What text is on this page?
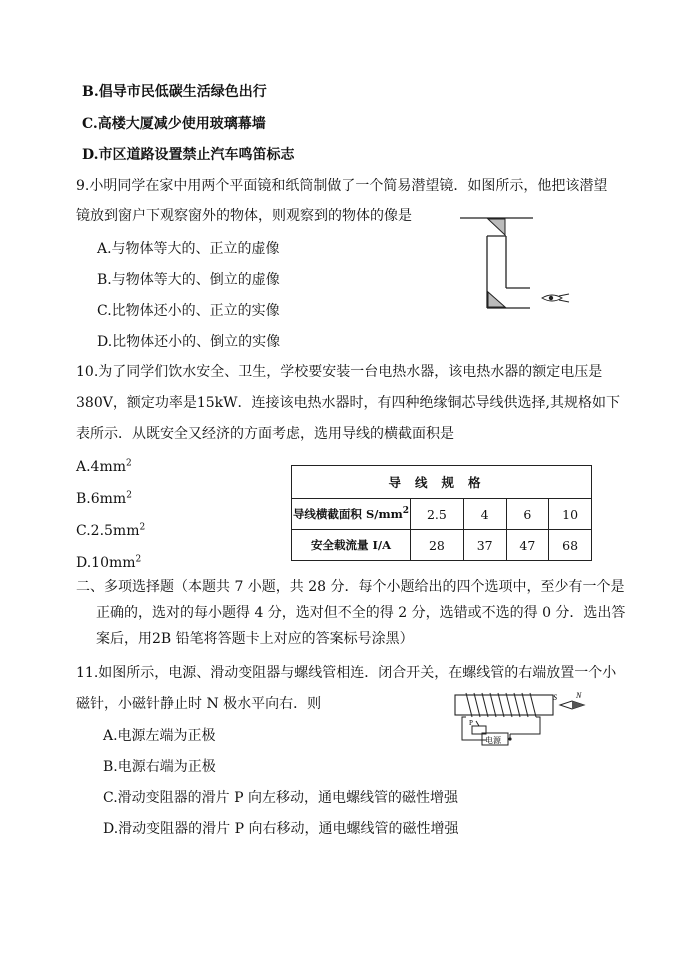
B.倡导市民低碳生活绿色出行
C.高楼大厦减少使用玻璃幕墙
D.市区道路设置禁止汽车鸣笛标志
9.小明同学在家中用两个平面镜和纸筒制做了一个简易潜望镜．如图所示，他把该潜望
镜放到窗户下观察窗外的物体，则观察到的物体的像是
A.与物体等大的、正立的虚像
B.与物体等大的、倒立的虚像
C.比物体还小的、正立的实像
D.比物体还小的、倒立的实像
10.为了同学们饮水安全、卫生，学校要安装一台电热水器，该电热水器的额定电压是
380V，额定功率是15kW．连接该电热水器时，有四种绝缘铜芯导线供选择,其规格如下
表所示．从既安全又经济的方面考虑，选用导线的横截面积是
$A.4mm^2$
$B.6mm^2$
$C.2.5mm^2$
$D.10mm^2$
导线规格				
导线横截面积 $S/mm^2$	2.5	4	6	10
安全载流量 I/A	28	37	47	68
二、多项选择题（本题共 7 小题，共 28 分．每个小题给出的四个选项中，至少有一个是
正确的，选对的每小题得 4 分，选对但不全的得 2 分，选错或不选的得 0 分．选出答
案后，用2B 铅笔将答题卡上对应的答案标号涂黑）
11.如图所示，电源、滑动变阻器与螺线管相连．闭合开关，在螺线管的右端放置一个小
磁针，小磁针静止时 N 极水平向右．则
A.电源左端为正极
B.电源右端为正极
C.滑动变阻器的滑片 P 向左移动，通电螺线管的磁性增强
D.滑动变阻器的滑片 P 向右移动，通电螺线管的磁性增强
P
电源
S N
